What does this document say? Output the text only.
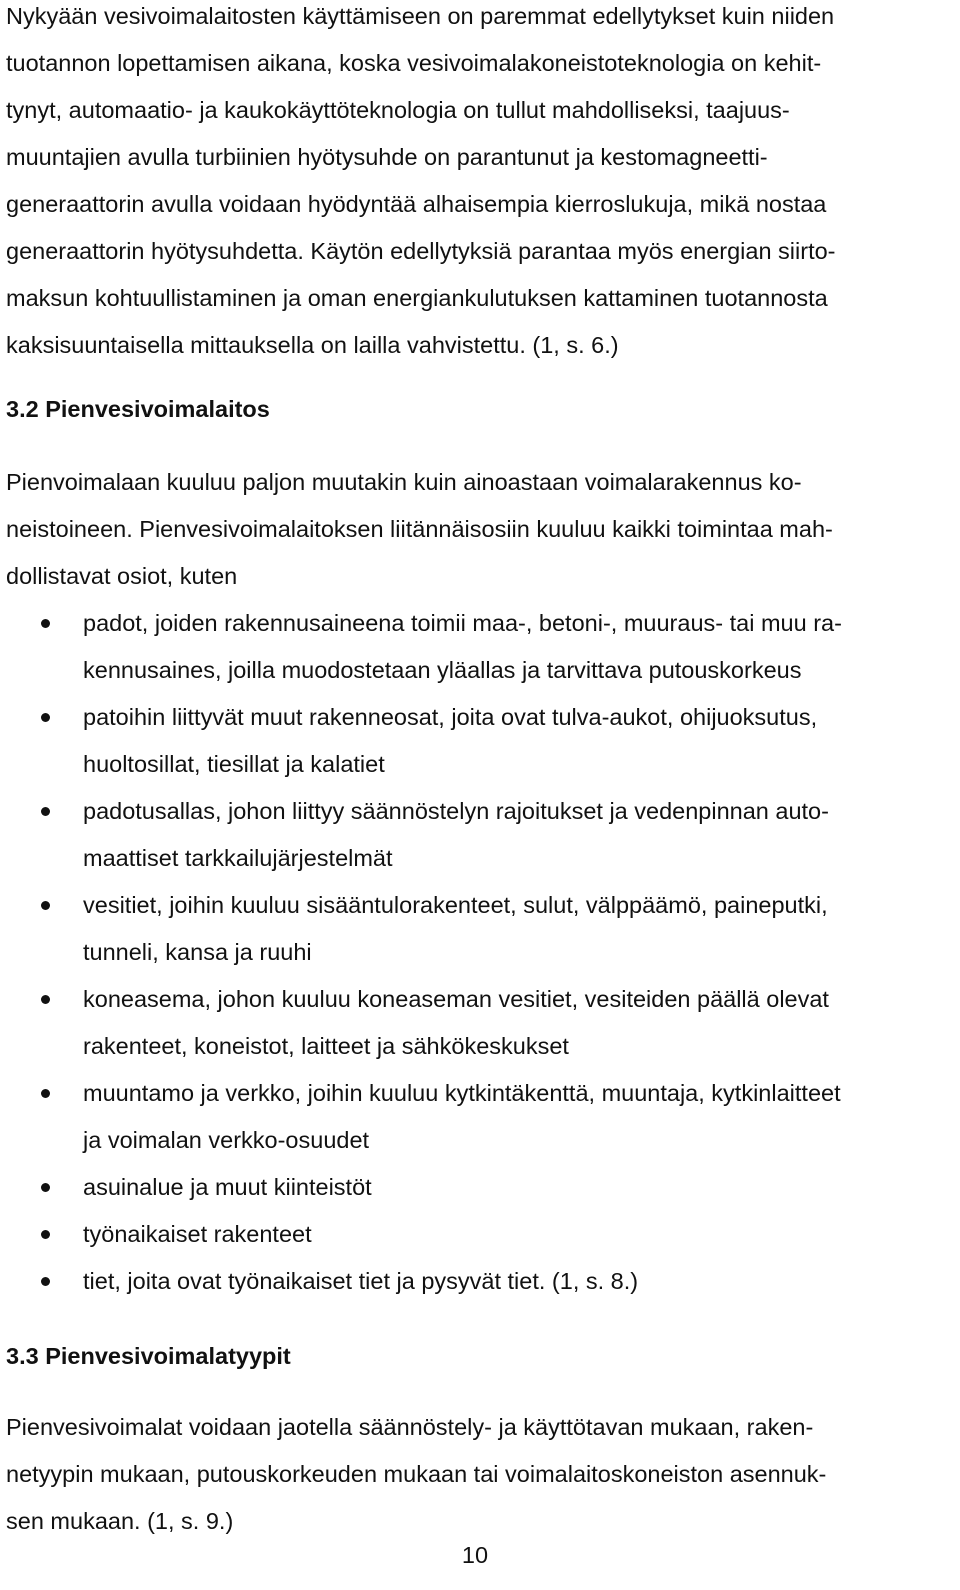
Nykyään vesivoimalaitosten käyttämiseen on paremmat edellytykset kuin niiden
tuotannon lopettamisen aikana, koska vesivoimalakoneistoteknologia on kehit-
tynyt, automaatio- ja kaukokäyttöteknologia on tullut mahdolliseksi, taajuus-
muuntajien avulla turbiinien hyötysuhde on parantunut ja kestomagneetti-
generaattorin avulla voidaan hyödyntää alhaisempia kierroslukuja, mikä nostaa
generaattorin hyötysuhdetta. Käytön edellytyksiä parantaa myös energian siirto-
maksun kohtuullistaminen ja oman energiankulutuksen kattaminen tuotannosta
kaksisuuntaisella mittauksella on lailla vahvistettu. (1, s. 6.)

3.2 Pienvesivoimalaitos

Pienvoimalaan kuuluu paljon muutakin kuin ainoastaan voimalarakennus ko-
neistoineen. Pienvesivoimalaitoksen liitännäisosiin kuuluu kaikki toimintaa mah-
dollistavat osiot, kuten

padot, joiden rakennusaineena toimii maa-, betoni-, muuraus- tai muu ra-
kennusaines, joilla muodostetaan yläallas ja tarvittava putouskorkeus
patoihin liittyvät muut rakenneosat, joita ovat tulva-aukot, ohijuoksutus,
huoltosillat, tiesillat ja kalatiet
padotusallas, johon liittyy säännöstelyn rajoitukset ja vedenpinnan auto-
maattiset tarkkailujärjestelmät
vesitiet, joihin kuuluu sisääntulorakenteet, sulut, välppäämö, paineputki,
tunneli, kansa ja ruuhi
koneasema, johon kuuluu koneaseman vesitiet, vesiteiden päällä olevat
rakenteet, koneistot, laitteet ja sähkökeskukset
muuntamo ja verkko, joihin kuuluu kytkintäkenttä, muuntaja, kytkinlaitteet
ja voimalan verkko-osuudet
asuinalue ja muut kiinteistöt
työnaikaiset rakenteet
tiet, joita ovat työnaikaiset tiet ja pysyvät tiet. (1, s. 8.)
3.3 Pienvesivoimalatyypit

Pienvesivoimalat voidaan jaotella säännöstely- ja käyttötavan mukaan, raken-
netyypin mukaan, putouskorkeuden mukaan tai voimalaitoskoneiston asennuk-
sen mukaan. (1, s. 9.)

10
